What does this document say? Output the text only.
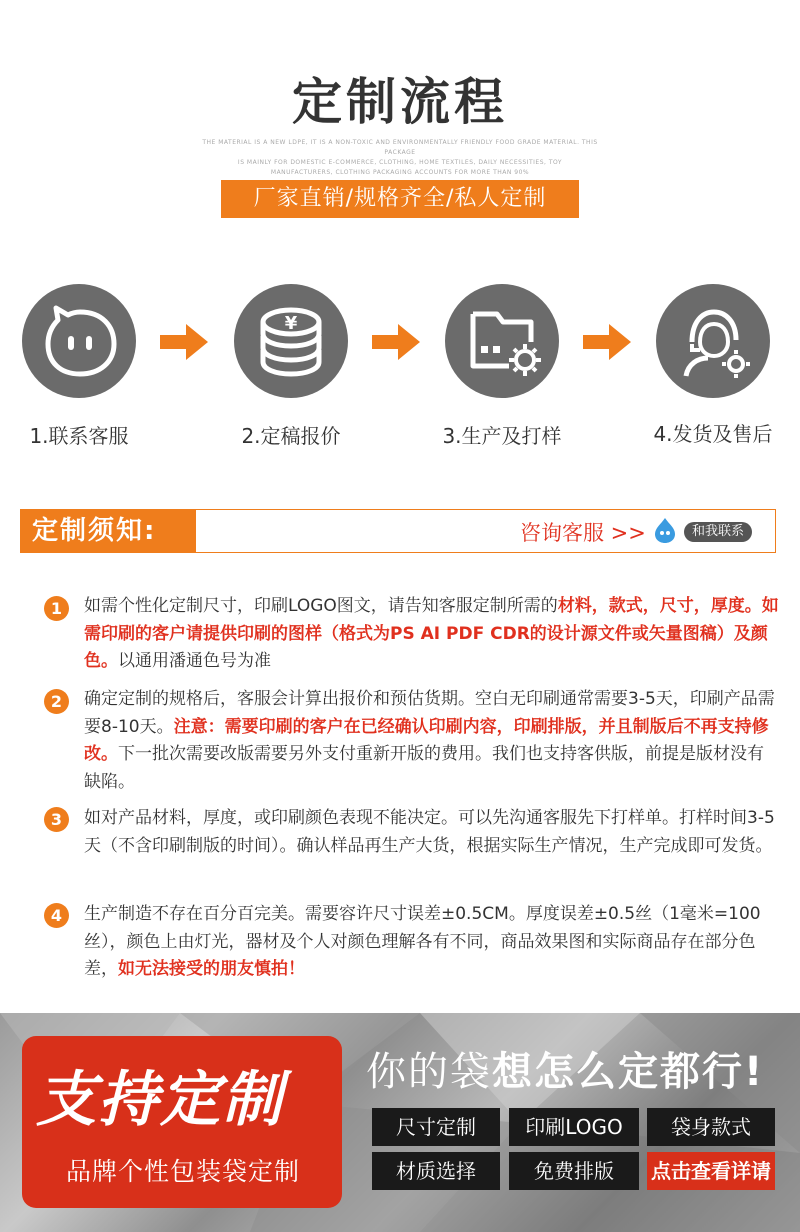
定制流程
THE MATERIAL IS A NEW LDPE, IT IS A NON-TOXIC AND ENVIRONMENTALLY FRIENDLY FOOD GRADE MATERIAL. THIS PACKAGE
IS MAINLY FOR DOMESTIC E-COMMERCE, CLOTHING, HOME TEXTILES, DAILY NECESSITIES, TOY
MANUFACTURERS, CLOTHING PACKAGING ACCOUNTS FOR MORE THAN 90%
厂家直销/规格齐全/私人定制
¥
1.联系客服	2.定稿报价	3.生产及打样	4.发货及售后
定制须知:	咨询客服 >>	和我联系
1	如需个性化定制尺寸，印刷LOGO图文，请告知客服定制所需的材料，款式，尺寸，厚度。如需印刷的客户请提供印刷的图样（格式为PS AI PDF CDR的设计源文件或矢量图稿）及颜色。以通用潘通色号为准
2	确定定制的规格后，客服会计算出报价和预估货期。空白无印刷通常需要3-5天，印刷产品需要8-10天。注意：需要印刷的客户在已经确认印刷内容，印刷排版，并且制版后不再支持修改。下一批次需要改版需要另外支付重新开版的费用。我们也支持客供版，前提是版材没有缺陷。
3	如对产品材料，厚度，或印刷颜色表现不能决定。可以先沟通客服先下打样单。打样时间3-5天（不含印刷制版的时间）。确认样品再生产大货，根据实际生产情况，生产完成即可发货。
4	生产制造不存在百分百完美。需要容许尺寸误差±0.5CM。厚度误差±0.5丝（1毫米=100丝），颜色上由灯光，器材及个人对颜色理解各有不同，商品效果图和实际商品存在部分色差，如无法接受的朋友慎拍！
支持定制
品牌个性包装袋定制
你的袋想怎么定都行!
尺寸定制	印刷LOGO	袋身款式
材质选择	免费排版	点击查看详请
